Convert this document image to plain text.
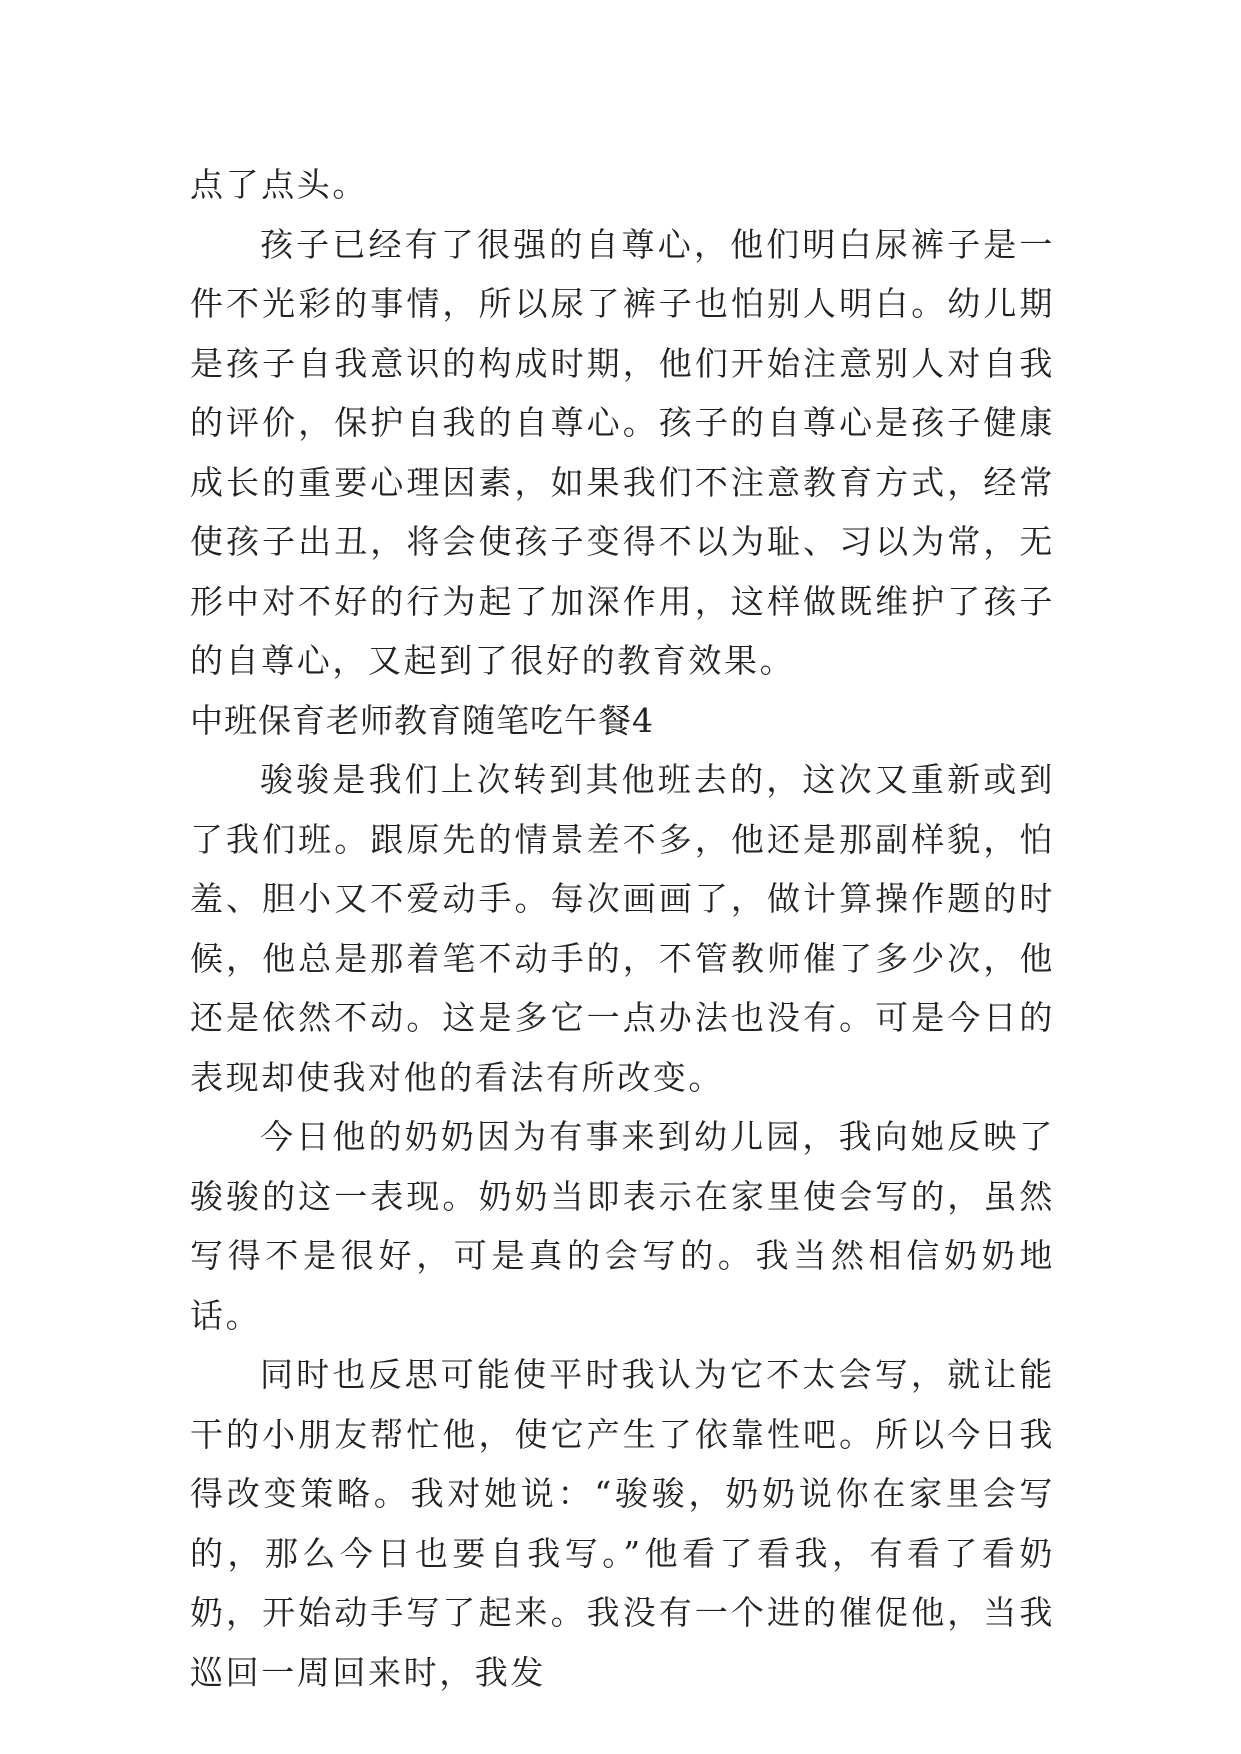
点了点头。

孩子已经有了很强的自尊心，他们明白尿裤子是一件不光彩的事情，所以尿了裤子也怕别人明白。幼儿期是孩子自我意识的构成时期，他们开始注意别人对自我的评价，保护自我的自尊心。孩子的自尊心是孩子健康成长的重要心理因素，如果我们不注意教育方式，经常使孩子出丑，将会使孩子变得不以为耻、习以为常，无形中对不好的行为起了加深作用，这样做既维护了孩子的自尊心，又起到了很好的教育效果。

中班保育老师教育随笔吃午餐4

骏骏是我们上次转到其他班去的，这次又重新或到了我们班。跟原先的情景差不多，他还是那副样貌，怕羞、胆小又不爱动手。每次画画了，做计算操作题的时候，他总是那着笔不动手的，不管教师催了多少次，他还是依然不动。这是多它一点办法也没有。可是今日的表现却使我对他的看法有所改变。

今日他的奶奶因为有事来到幼儿园，我向她反映了骏骏的这一表现。奶奶当即表示在家里使会写的，虽然写得不是很好，可是真的会写的。我当然相信奶奶地话。

同时也反思可能使平时我认为它不太会写，就让能干的小朋友帮忙他，使它产生了依靠性吧。所以今日我得改变策略。我对她说：“骏骏，奶奶说你在家里会写的，那么今日也要自我写。”他看了看我，有看了看奶奶，开始动手写了起来。我没有一个进的催促他，当我巡回一周回来时，我发
